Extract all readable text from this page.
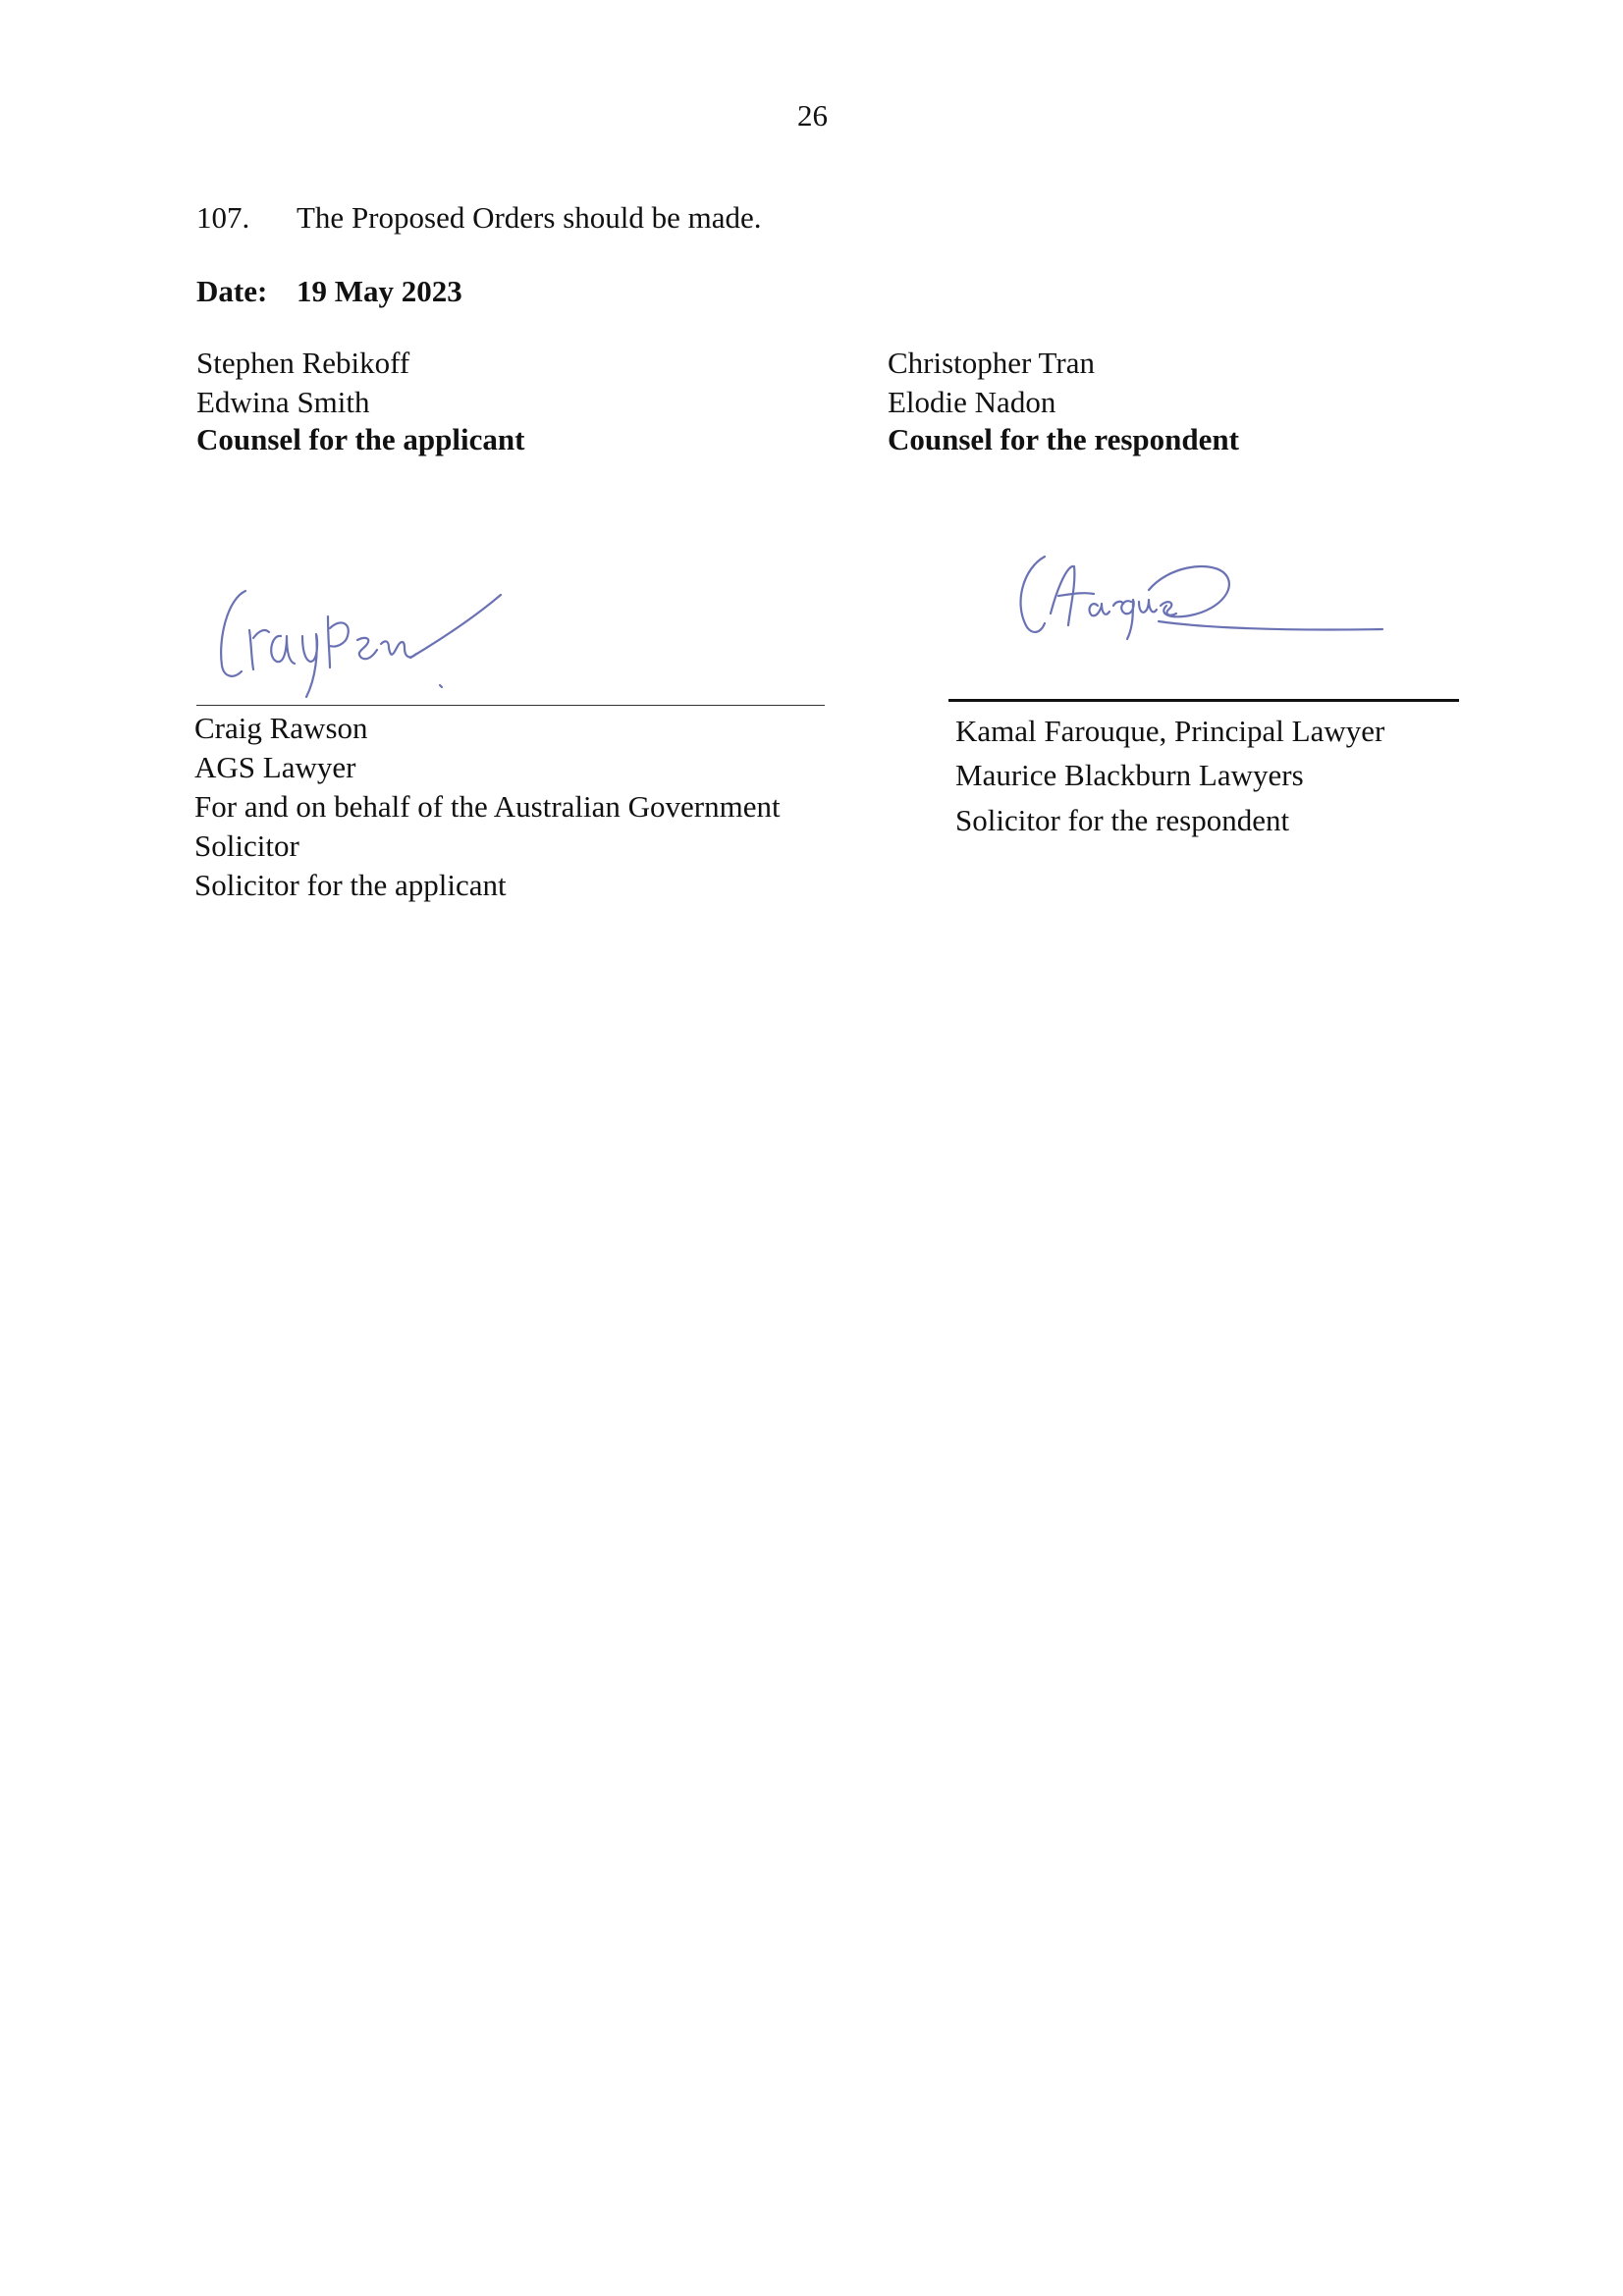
26
107. The Proposed Orders should be made.
Date: 19 May 2023
Stephen Rebikoff
Edwina Smith
Counsel for the applicant
Christopher Tran
Elodie Nadon
Counsel for the respondent
Craig Rawson
AGS Lawyer
For and on behalf of the Australian Government
Solicitor
Solicitor for the applicant
Kamal Farouque, Principal Lawyer
Maurice Blackburn Lawyers
Solicitor for the respondent
